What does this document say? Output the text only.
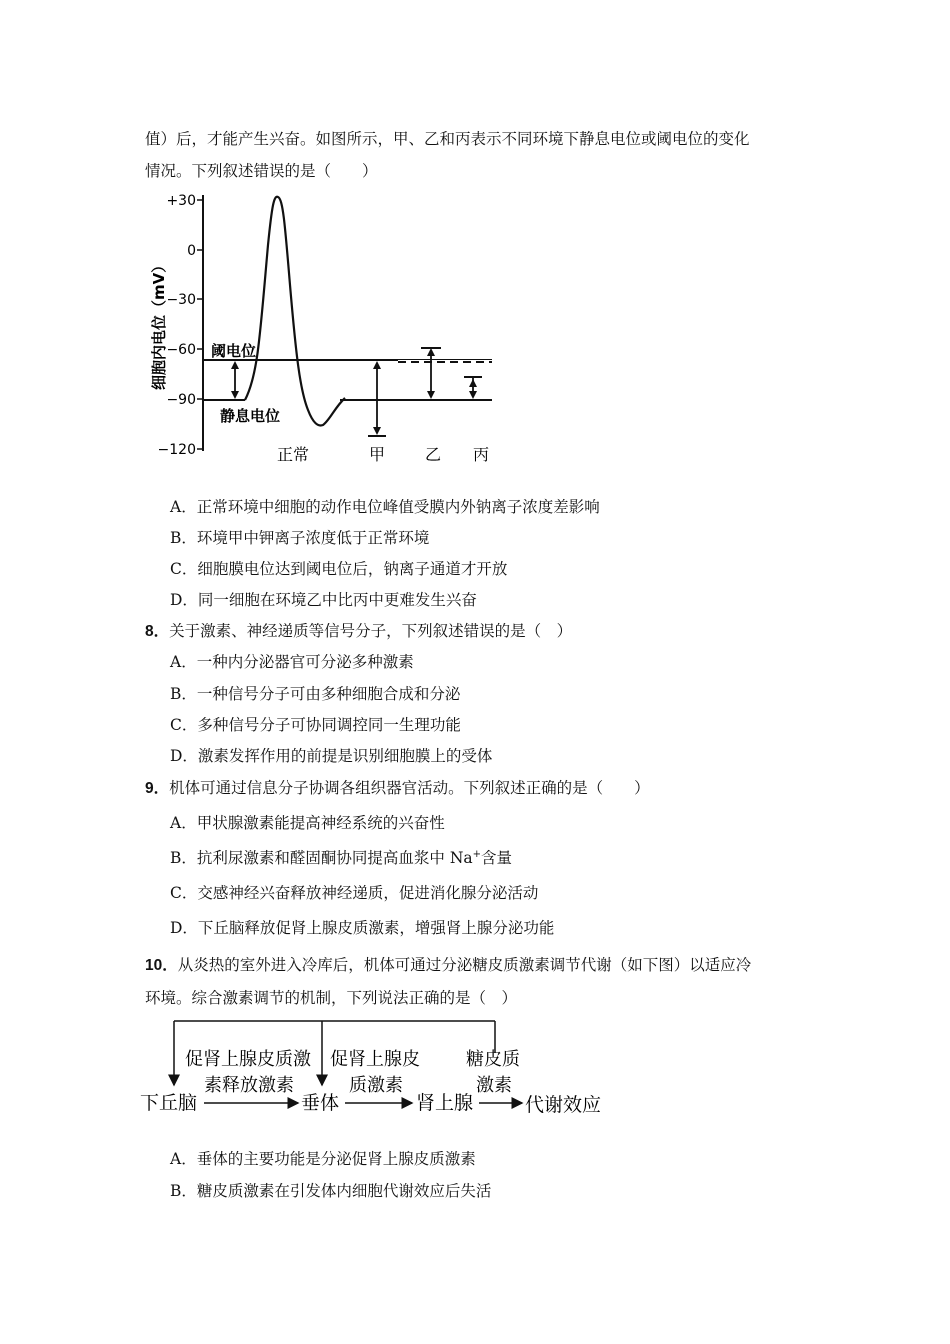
值）后，才能产生兴奋。如图所示，甲、乙和丙表示不同环境下静息电位或阈电位的变化
情况。下列叙述错误的是（　　）
+30
0
−30
−60
−90
−120
细胞内电位（mV）	阈电位
静息电位
正常	甲 乙 丙
A．正常环境中细胞的动作电位峰值受膜内外钠离子浓度差影响
B．环境甲中钾离子浓度低于正常环境
C．细胞膜电位达到阈电位后，钠离子通道才开放
D．同一细胞在环境乙中比丙中更难发生兴奋
8．关于激素、神经递质等信号分子，下列叙述错误的是（　）
A．一种内分泌器官可分泌多种激素
B．一种信号分子可由多种细胞合成和分泌
C．多种信号分子可协同调控同一生理功能
D．激素发挥作用的前提是识别细胞膜上的受体
9．机体可通过信息分子协调各组织器官活动。下列叙述正确的是（　　）
A．甲状腺激素能提高神经系统的兴奋性
B．抗利尿激素和醛固酮协同提高血浆中 Na+含量
C．交感神经兴奋释放神经递质，促进消化腺分泌活动
D．下丘脑释放促肾上腺皮质激素，增强肾上腺分泌功能
10．从炎热的室外进入冷库后，机体可通过分泌糖皮质激素调节代谢（如下图）以适应冷
环境。综合激素调节的机制，下列说法正确的是（　）
促肾上腺皮质激
素释放激素
促肾上腺皮
质激素
糖皮质
激素
下丘脑	垂体	肾上腺	代谢效应
A．垂体的主要功能是分泌促肾上腺皮质激素
B．糖皮质激素在引发体内细胞代谢效应后失活
